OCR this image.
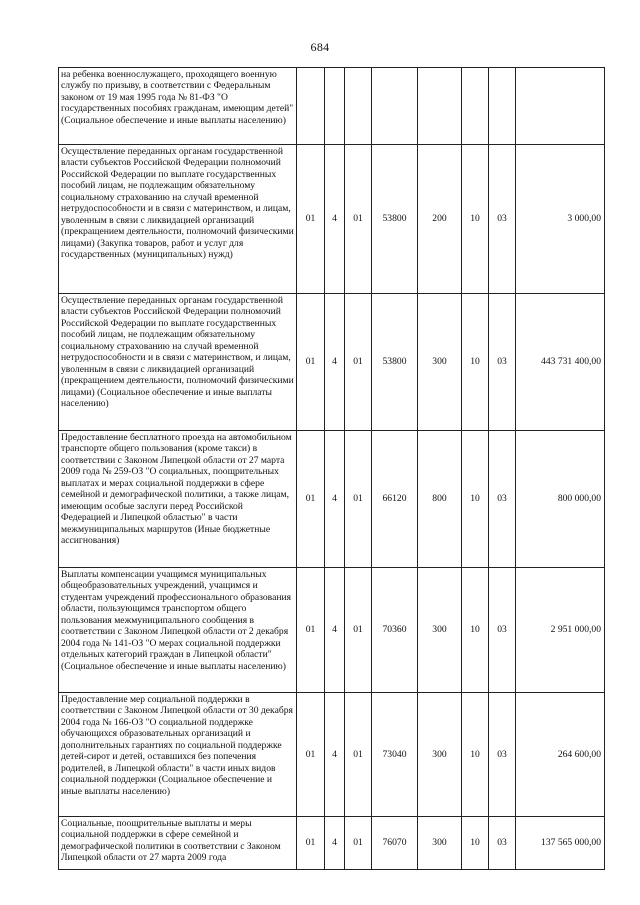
684
на ребенка военнослужащего, проходящего военную службу по призыву, в соответствии с Федеральным законом от 19 мая 1995 года № 81-ФЗ "О государственных пособиях гражданам, имеющим детей" (Социальное обеспечение и иные выплаты населению)								
Осуществление переданных органам государственной власти субъектов Российской Федерации полномочий Российской Федерации по выплате государственных пособий лицам, не подлежащим обязательному социальному страхованию на случай временной нетрудоспособности и в связи с материнством, и лицам, уволенным в связи с ликвидацией организаций (прекращением деятельности, полномочий физическими лицами) (Закупка товаров, работ и услуг для государственных (муниципальных) нужд)	01	4	01	53800	200	10	03	3 000,00
Осуществление переданных органам государственной власти субъектов Российской Федерации полномочий Российской Федерации по выплате государственных пособий лицам, не подлежащим обязательному социальному страхованию на случай временной нетрудоспособности и в связи с материнством, и лицам, уволенным в связи с ликвидацией организаций (прекращением деятельности, полномочий физическими лицами) (Социальное обеспечение и иные выплаты населению)	01	4	01	53800	300	10	03	443 731 400,00
Предоставление бесплатного проезда на автомобильном транспорте общего пользования (кроме такси) в соответствии с Законом Липецкой области от 27 марта 2009 года № 259-ОЗ "О социальных, поощрительных выплатах и мерах социальной поддержки в сфере семейной и демографической политики, а также лицам, имеющим особые заслуги перед Российской Федерацией и Липецкой областью" в части межмуниципальных маршрутов (Иные бюджетные ассигнования)	01	4	01	66120	800	10	03	800 000,00
Выплаты компенсации учащимся муниципальных общеобразовательных учреждений, учащимся и студентам учреждений профессионального образования области, пользующимся транспортом общего пользования межмуниципального сообщения в соответствии с Законом Липецкой области от 2 декабря 2004 года № 141-ОЗ "О мерах социальной поддержки отдельных категорий граждан в Липецкой области" (Социальное обеспечение и иные выплаты населению)	01	4	01	70360	300	10	03	2 951 000,00
Предоставление мер социальной поддержки в соответствии с Законом Липецкой области от 30 декабря 2004 года № 166-ОЗ "О социальной поддержке обучающихся образовательных организаций и дополнительных гарантиях по социальной поддержке детей-сирот и детей, оставшихся без попечения родителей, в Липецкой области" в части иных видов социальной поддержки (Социальное обеспечение и иные выплаты населению)	01	4	01	73040	300	10	03	264 600,00
Социальные, поощрительные выплаты и меры социальной поддержки в сфере семейной и демографической политики в соответствии с Законом Липецкой области от 27 марта 2009 года	01	4	01	76070	300	10	03	137 565 000,00
